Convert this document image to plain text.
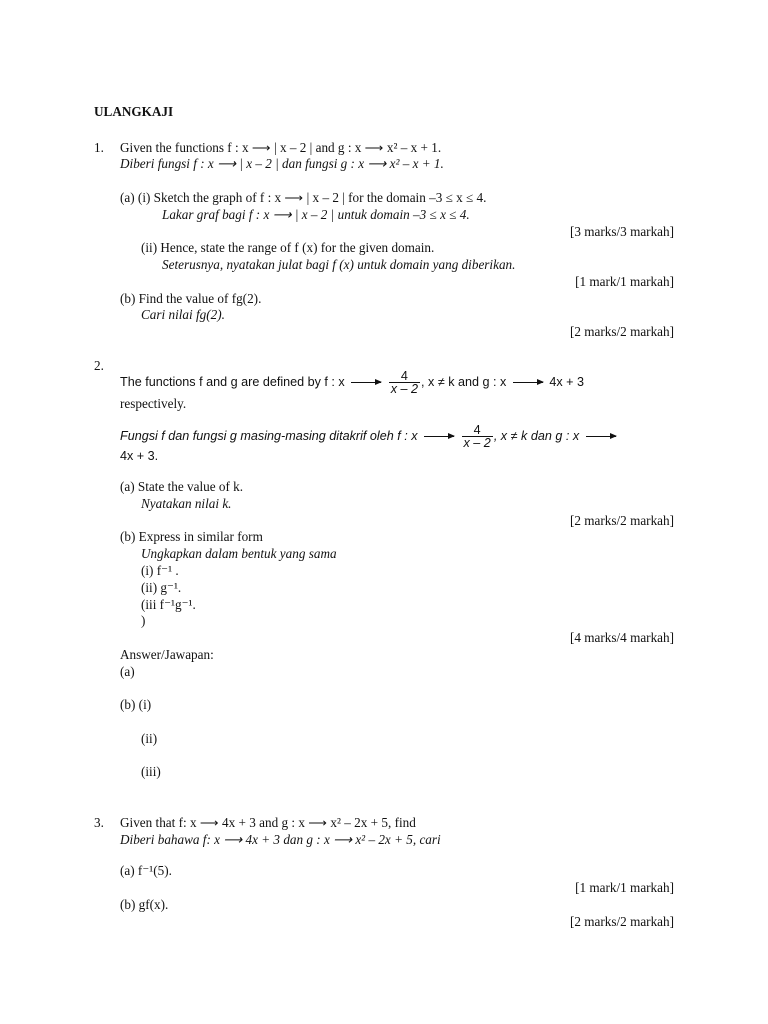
ULANGKAJI
1. Given the functions f : x ⟶ | x – 2 | and g : x ⟶ x² – x + 1.
Diberi fungsi f : x ⟶ | x – 2 | dan fungsi g : x ⟶ x² – x + 1.
(a) (i) Sketch the graph of f : x ⟶ | x – 2 | for the domain –3 ≤ x ≤ 4.
Lakar graf bagi f : x ⟶ | x – 2 | untuk domain –3 ≤ x ≤ 4.
[3 marks/3 markah]
(ii) Hence, state the range of f (x) for the given domain.
Seterusnya, nyatakan julat bagi f (x) untuk domain yang diberikan.
[1 mark/1 markah]
(b) Find the value of fg(2).
Cari nilai fg(2).
[2 marks/2 markah]
2.
The functions f and g are defined by f : x	$\frac{4}{x - 2}$ , x ≠ k and g : x	4x + 3
respectively.
Fungsi f dan fungsi g masing-masing ditakrif oleh f : x	$\frac{4}{x - 2}$ , x ≠ k dan g : x
4x + 3.
(a) State the value of k.
Nyatakan nilai k.
[2 marks/2 markah]
(b) Express in similar form
Ungkapkan dalam bentuk yang sama
(i) f⁻¹ .
(ii) g⁻¹.
(iii f⁻¹g⁻¹.
)
[4 marks/4 markah]
Answer/Jawapan:
(a)
(b) (i)
(ii)
(iii)
3. Given that f: x ⟶ 4x + 3 and g : x ⟶ x² – 2x + 5, find
Diberi bahawa f: x ⟶ 4x + 3 dan g : x ⟶ x² – 2x + 5, cari
(a) f⁻¹(5).
[1 mark/1 markah]
(b) gf(x).
[2 marks/2 markah]
